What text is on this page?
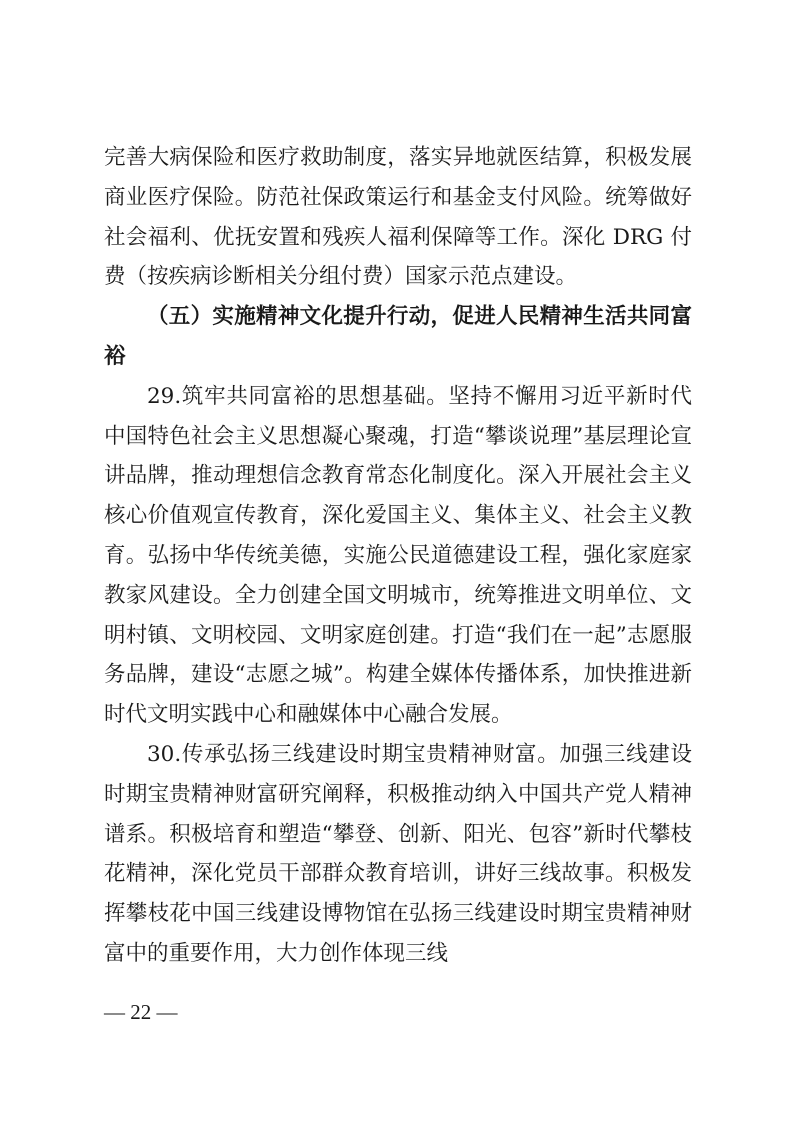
完善大病保险和医疗救助制度，落实异地就医结算，积极发展商业医疗保险。防范社保政策运行和基金支付风险。统筹做好社会福利、优抚安置和残疾人福利保障等工作。深化 DRG 付费（按疾病诊断相关分组付费）国家示范点建设。

（五）实施精神文化提升行动，促进人民精神生活共同富裕

29.筑牢共同富裕的思想基础。坚持不懈用习近平新时代中国特色社会主义思想凝心聚魂，打造“攀谈说理”基层理论宣讲品牌，推动理想信念教育常态化制度化。深入开展社会主义核心价值观宣传教育，深化爱国主义、集体主义、社会主义教育。弘扬中华传统美德，实施公民道德建设工程，强化家庭家教家风建设。全力创建全国文明城市，统筹推进文明单位、文明村镇、文明校园、文明家庭创建。打造“我们在一起”志愿服务品牌，建设“志愿之城”。构建全媒体传播体系，加快推进新时代文明实践中心和融媒体中心融合发展。

30.传承弘扬三线建设时期宝贵精神财富。加强三线建设时期宝贵精神财富研究阐释，积极推动纳入中国共产党人精神谱系。积极培育和塑造“攀登、创新、阳光、包容”新时代攀枝花精神，深化党员干部群众教育培训，讲好三线故事。积极发挥攀枝花中国三线建设博物馆在弘扬三线建设时期宝贵精神财富中的重要作用，大力创作体现三线

— 22 —
